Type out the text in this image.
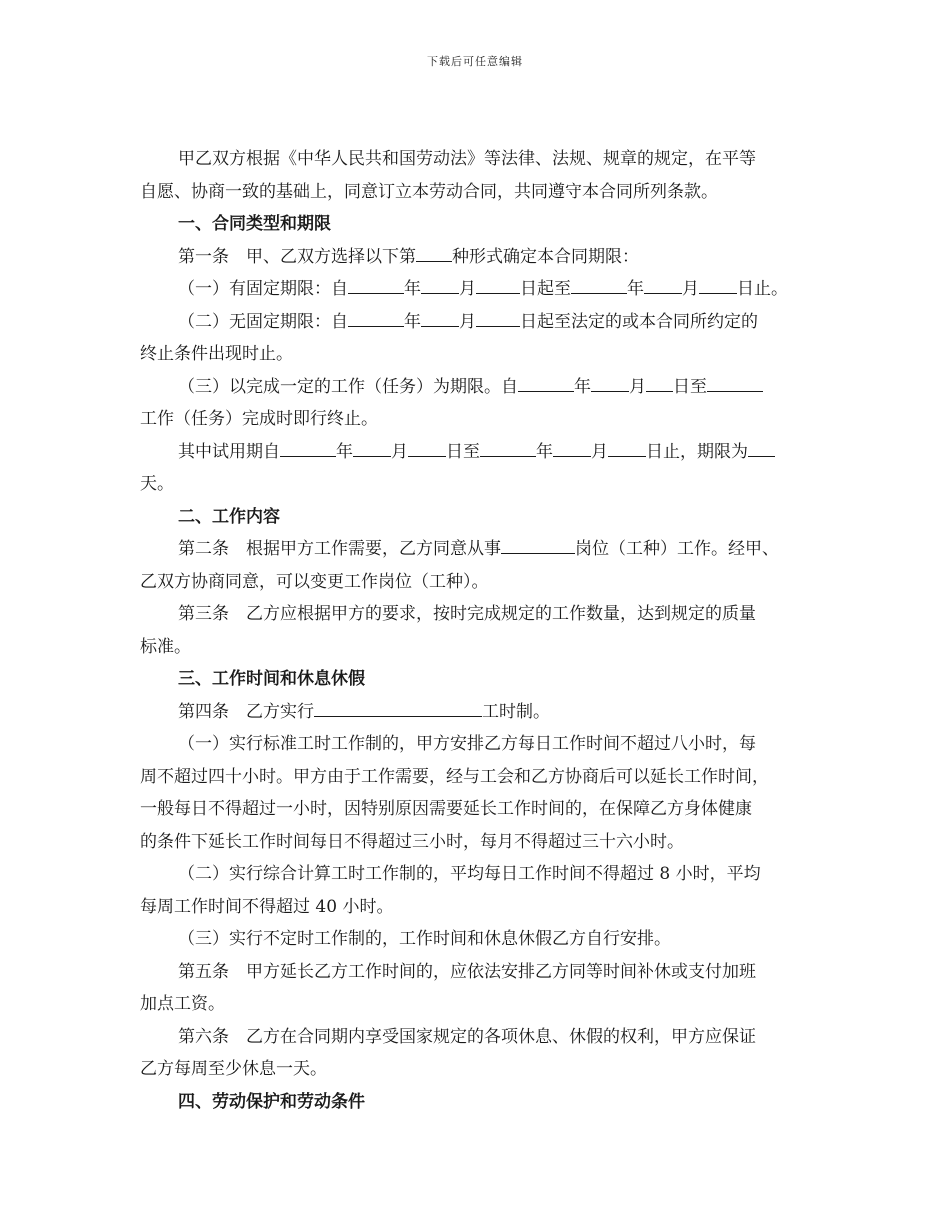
下载后可任意编辑

甲乙双方根据《中华人民共和国劳动法》等法律、法规、规章的规定，在平等

自愿、协商一致的基础上，同意订立本劳动合同，共同遵守本合同所列条款。

一、合同类型和期限

第一条　甲、乙双方选择以下第 种形式确定本合同期限：

（一）有固定期限：自	年 月	日起至	年 月 日止。

（二）无固定期限：自	年 月	日起至法定的或本合同所约定的

终止条件出现时止。

（三）以完成一定的工作（任务）为期限。自	年 月 日至

工作（任务）完成时即行终止。

其中试用期自	年 月 日至	年 月 日止，期限为

天。

二、工作内容

第二条　根据甲方工作需要，乙方同意从事	岗位（工种）工作。经甲、

乙双方协商同意，可以变更工作岗位（工种）。

第三条　乙方应根据甲方的要求，按时完成规定的工作数量，达到规定的质量

标准。

三、工作时间和休息休假

第四条　乙方实行	工时制。

（一）实行标准工时工作制的，甲方安排乙方每日工作时间不超过八小时，每

周不超过四十小时。甲方由于工作需要，经与工会和乙方协商后可以延长工作时间，

一般每日不得超过一小时，因特别原因需要延长工作时间的，在保障乙方身体健康

的条件下延长工作时间每日不得超过三小时，每月不得超过三十六小时。

（二）实行综合计算工时工作制的，平均每日工作时间不得超过 8 小时，平均

每周工作时间不得超过 40 小时。

（三）实行不定时工作制的，工作时间和休息休假乙方自行安排。

第五条　甲方延长乙方工作时间的，应依法安排乙方同等时间补休或支付加班

加点工资。

第六条　乙方在合同期内享受国家规定的各项休息、休假的权利，甲方应保证

乙方每周至少休息一天。

四、劳动保护和劳动条件
